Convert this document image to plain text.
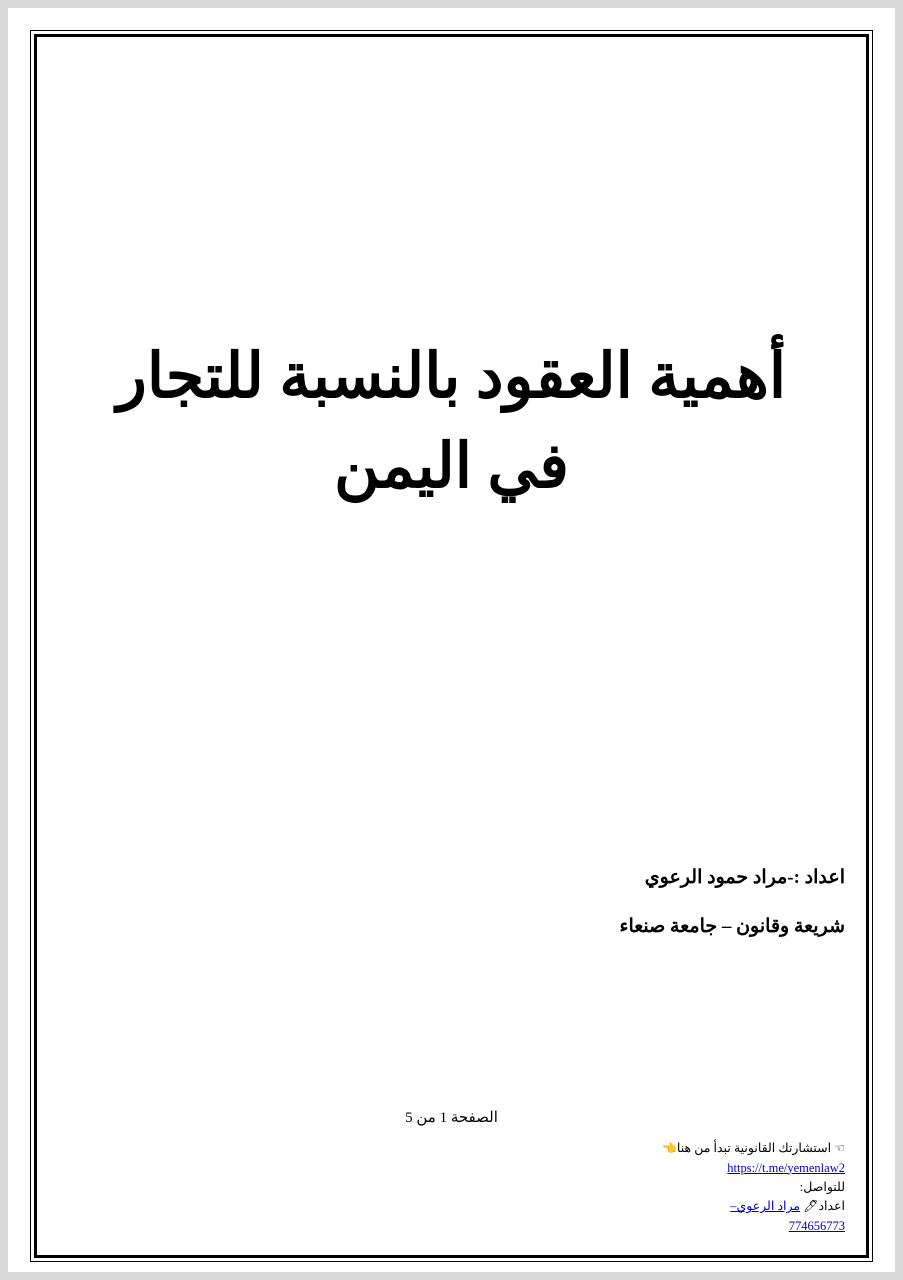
أهمية العقود بالنسبة للتجار في اليمن
اعداد :-مراد حمود الرعوي
شريعة وقانون – جامعة صنعاء
الصفحة 1 من 5
☜ استشارتك القانونية تبدأ من هنا👈
https://t.me/yemenlaw2
للتواصل:
اعداد🖊 مراد الرعوي–
774656773
